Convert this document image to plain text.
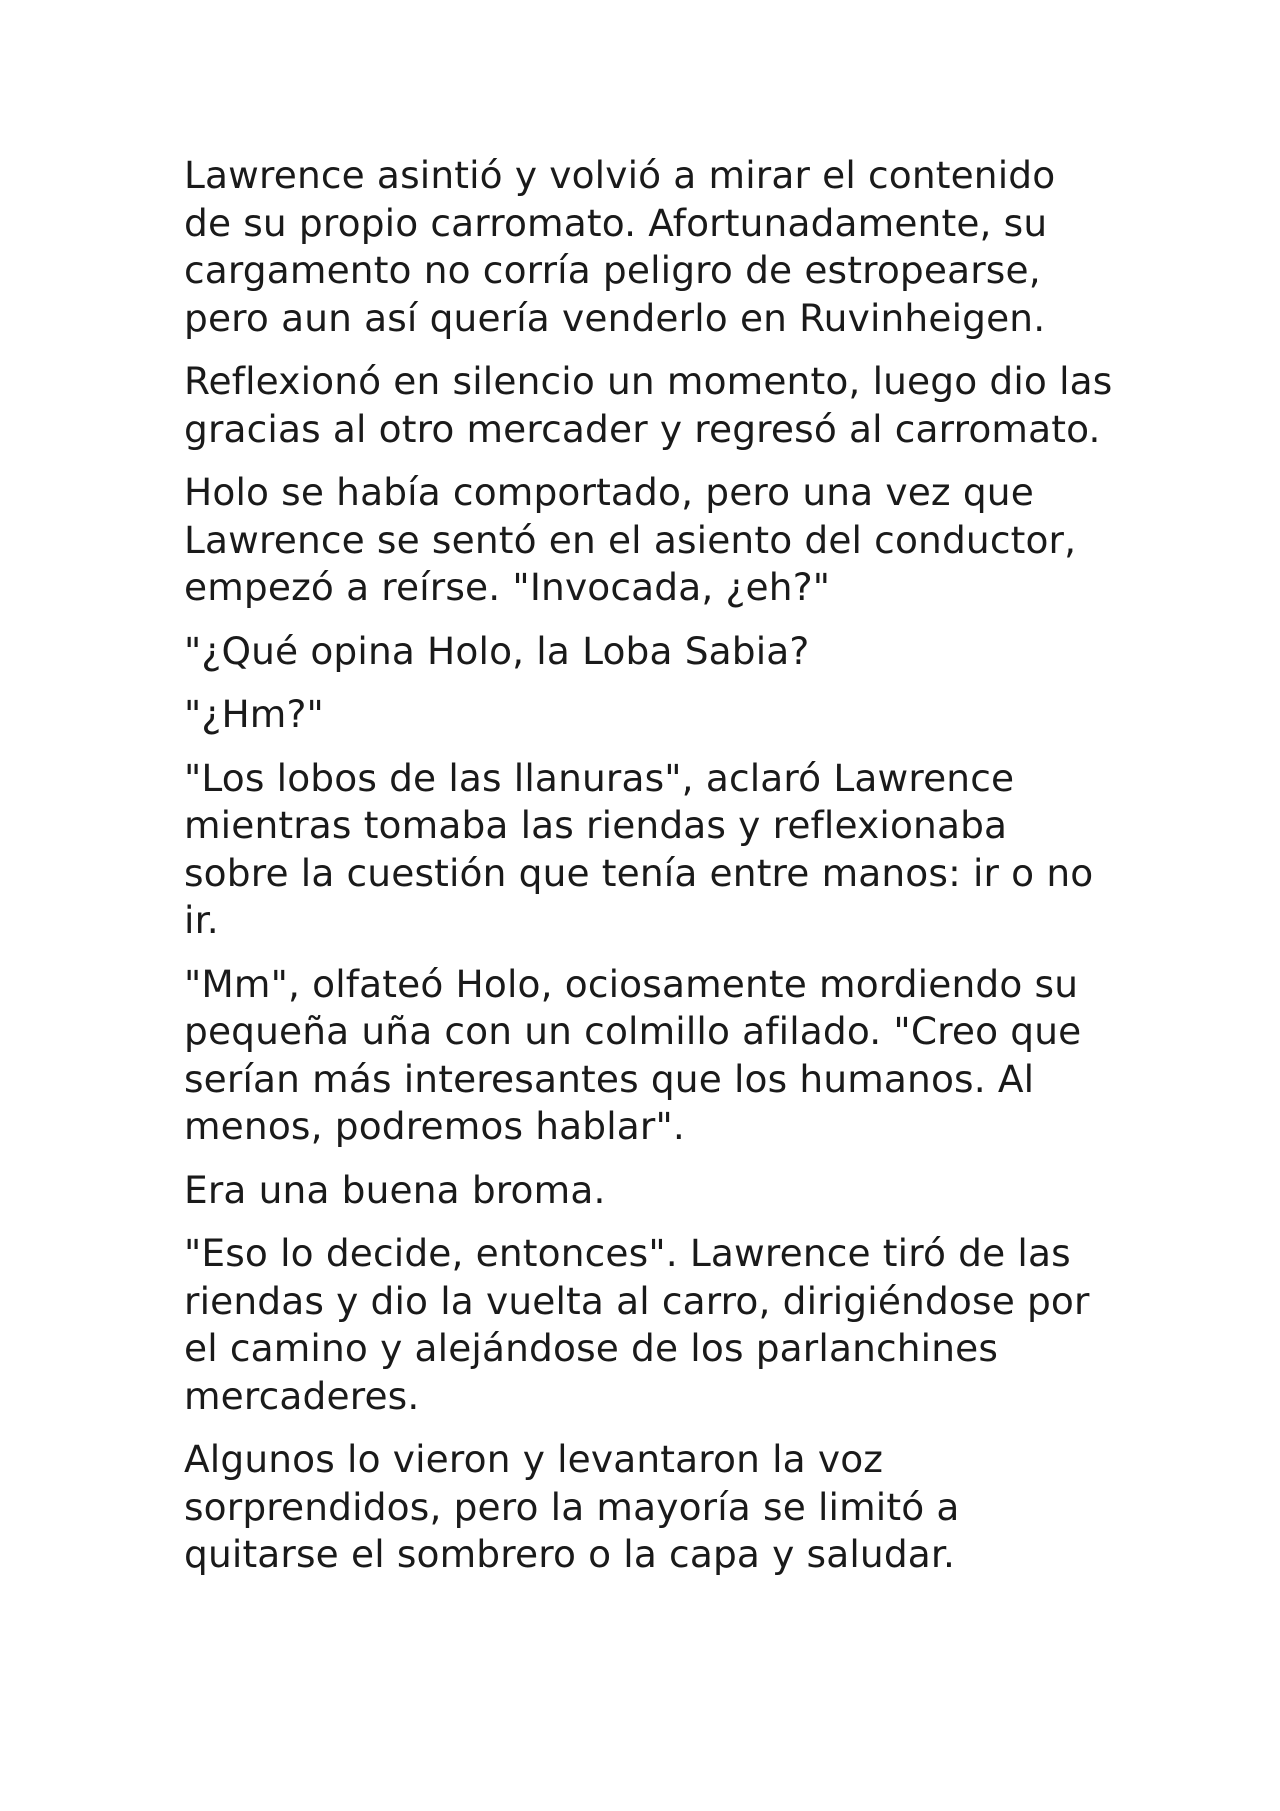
Lawrence asintió y volvió a mirar el contenido de su propio carromato. Afortunadamente, su cargamento no corría peligro de estropearse, pero aun así quería venderlo en Ruvinheigen.

Reflexionó en silencio un momento, luego dio las gracias al otro mercader y regresó al carromato.

Holo se había comportado, pero una vez que Lawrence se sentó en el asiento del conductor, empezó a reírse. "Invocada, ¿eh?"

"¿Qué opina Holo, la Loba Sabia?

"¿Hm?"

"Los lobos de las llanuras", aclaró Lawrence mientras tomaba las riendas y reflexionaba sobre la cuestión que tenía entre manos: ir o no ir.

"Mm", olfateó Holo, ociosamente mordiendo su pequeña uña con un colmillo afilado. "Creo que serían más interesantes que los humanos. Al menos, podremos hablar".

Era una buena broma.

"Eso lo decide, entonces". Lawrence tiró de las riendas y dio la vuelta al carro, dirigiéndose por el camino y alejándose de los parlanchines mercaderes.

Algunos lo vieron y levantaron la voz sorprendidos, pero la mayoría se limitó a quitarse el sombrero o la capa y saludar.
